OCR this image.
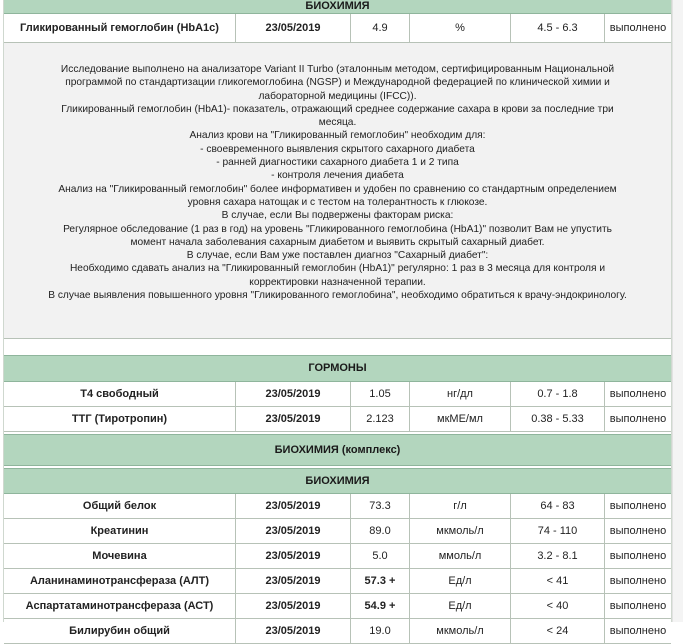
БИОХИМИЯ
Гликированный гемоглобин (HbA1c)	23/05/2019	4.9	%	4.5 - 6.3	выполнено

Исследование выполнено на анализаторе Variant II Turbo (эталонным методом, сертифицированным Национальной

программой по стандартизации гликогемоглобина (NGSP) и Международной федерацией по клинической химии и

лабораторной медицины (IFCC)).

Гликированный гемоглобин (HbA1)- показатель, отражающий среднее содержание сахара в крови за последние три

месяца.

Анализ крови на "Гликированный гемоглобин" необходим для:

- своевременного выявления скрытого сахарного диабета

- ранней диагностики сахарного диабета 1 и 2 типа

- контроля лечения диабета

Анализ на "Гликированный гемоглобин" более информативен и удобен по сравнению со стандартным определением

уровня сахара натощак и с тестом на толерантность к глюкозе.

В случае, если Вы подвержены факторам риска:

Регулярное обследование (1 раз в год) на уровень "Гликированного гемоглобина (HbA1)" позволит Вам не упустить

момент начала заболевания сахарным диабетом и выявить скрытый сахарный диабет.

В случае, если Вам уже поставлен диагноз "Сахарный диабет":

Необходимо сдавать анализ на "Гликированный гемоглобин (HbA1)" регулярно: 1 раз в 3 месяца для контроля и

корректировки назначенной терапии.

В случае выявления повышенного уровня "Гликированного гемоглобина", необходимо обратиться к врачу-эндокринологу.

ГОРМОНЫ
Т4 свободный	23/05/2019	1.05	нг/дл	0.7 - 1.8	выполнено
ТТГ (Тиротропин)	23/05/2019	2.123	мкМЕ/мл	0.38 - 5.33	выполнено
БИОХИМИЯ (комплекс)
БИОХИМИЯ
Общий белок	23/05/2019	73.3	г/л	64 - 83	выполнено
Креатинин	23/05/2019	89.0	мкмоль/л	74 - 110	выполнено
Мочевина	23/05/2019	5.0	ммоль/л	3.2 - 8.1	выполнено
Аланинаминотрансфераза (АЛТ)	23/05/2019	57.3 +	Ед/л	< 41	выполнено
Аспартатаминотрансфераза (АСТ)	23/05/2019	54.9 +	Ед/л	< 40	выполнено
Билирубин общий	23/05/2019	19.0	мкмоль/л	< 24	выполнено
